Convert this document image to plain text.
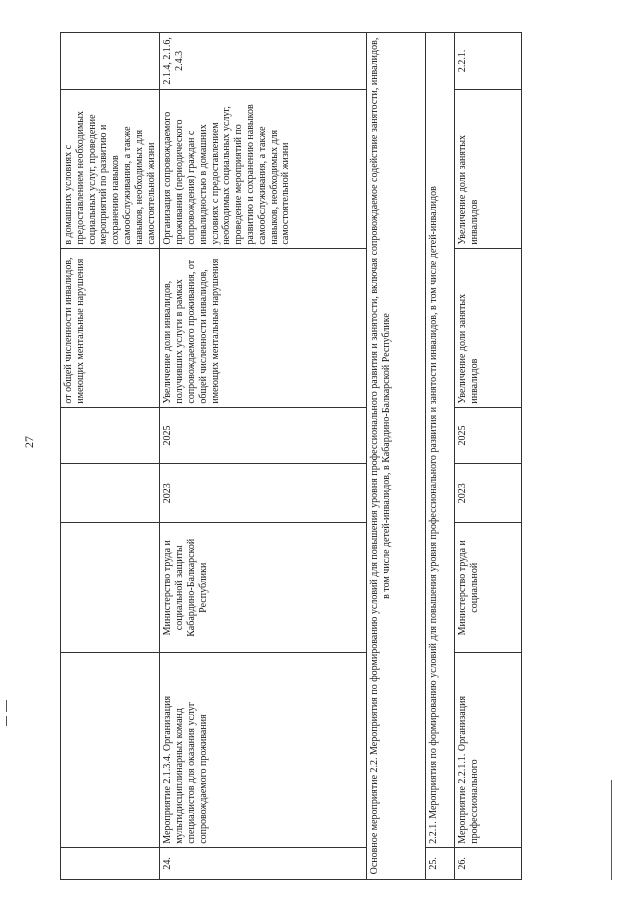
27
					от общей численности инвалидов, имеющих ментальные нарушения	в домашних условиях с предоставлением необходимых социальных услуг, проведение мероприятий по развитию и сохранению навыков самообслуживания, а также навыков, необходимых для самостоятельной жизни	
24.	Мероприятие 2.1.3.4. Организация мультидисциплинарных команд специалистов для оказания услуг сопровождаемого проживания	Министерство труда и социальной защиты Кабардино-Балкарской Республики	2023	2025	Увеличение доли инвалидов, получивших услуги в рамках сопровождаемого проживания, от общей численности инвалидов, имеющих ментальные нарушения	Организация сопровождаемого проживания (периодического сопровождения) граждан с инвалидностью в домашних условиях с предоставлением необходимых социальных услуг, проведение мероприятий по развитию и сохранению навыков самообслуживания, а также навыков, необходимых для самостоятельной жизни	2.1.4, 2.1.6, 2.4.3
Основное мероприятие 2.2. Мероприятия по формированию условий для повышения уровня профессионального развития и занятости, включая сопровождаемое содействие занятости, инвалидов, в том числе детей-инвалидов, в Кабардино-Балкарской Республике							
25.	2.2.1. Мероприятия по формированию условий для повышения уровня профессионального развития и занятости инвалидов, в том числе детей-инвалидов						
26.	Мероприятие 2.2.1.1. Организация профессионального	Министерство труда и социальной	2023	2025	Увеличение доли занятых инвалидов	Увеличение доли занятых инвалидов	2.2.1.
